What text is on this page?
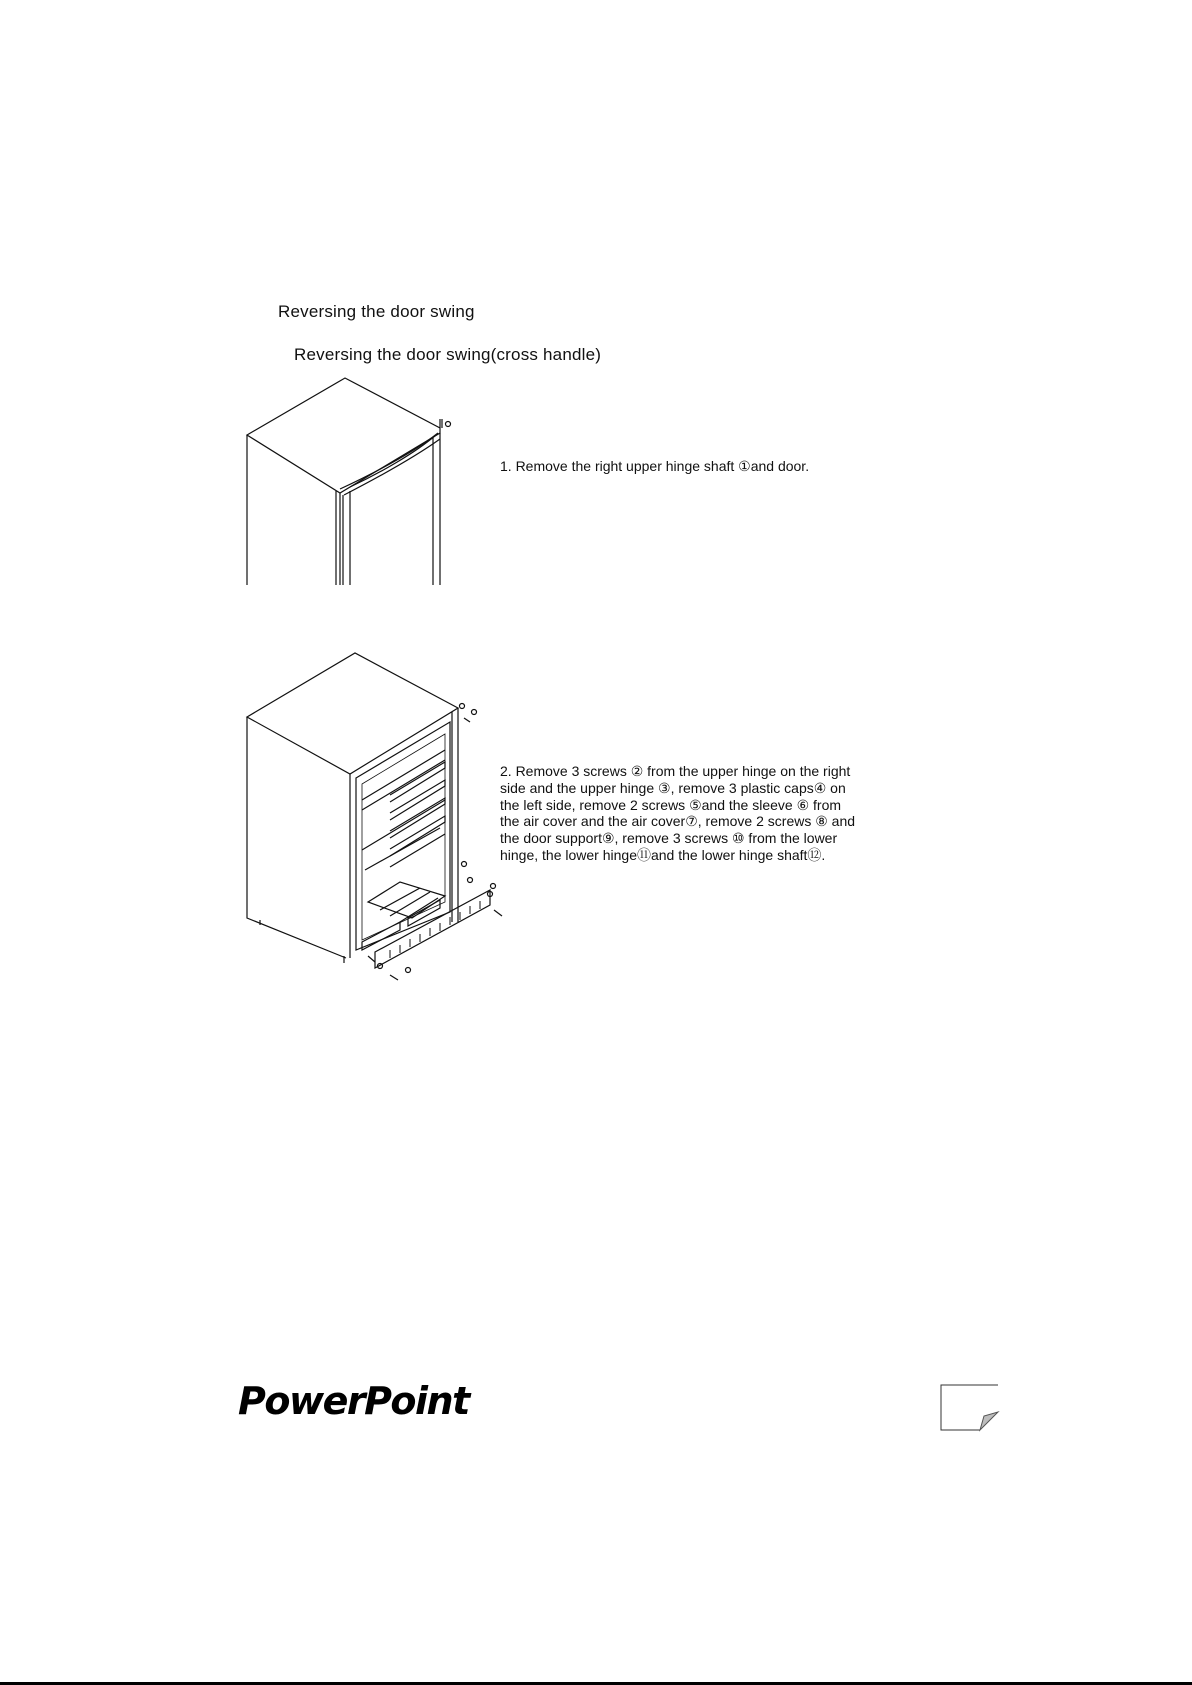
Reversing the door swing
Reversing the door swing(cross handle)
1. Remove the right upper hinge shaft ①and door.

2. Remove 3 screws ② from the upper hinge on the right

side and the upper hinge ③, remove 3 plastic caps④ on

the left side, remove 2 screws ⑤and the sleeve ⑥ from

the air cover and the air cover⑦, remove 2 screws ⑧ and

the door support⑨, remove 3 screws ⑩ from the lower

hinge, the lower hinge⑪and the lower hinge shaft⑫.

PowerPoint
